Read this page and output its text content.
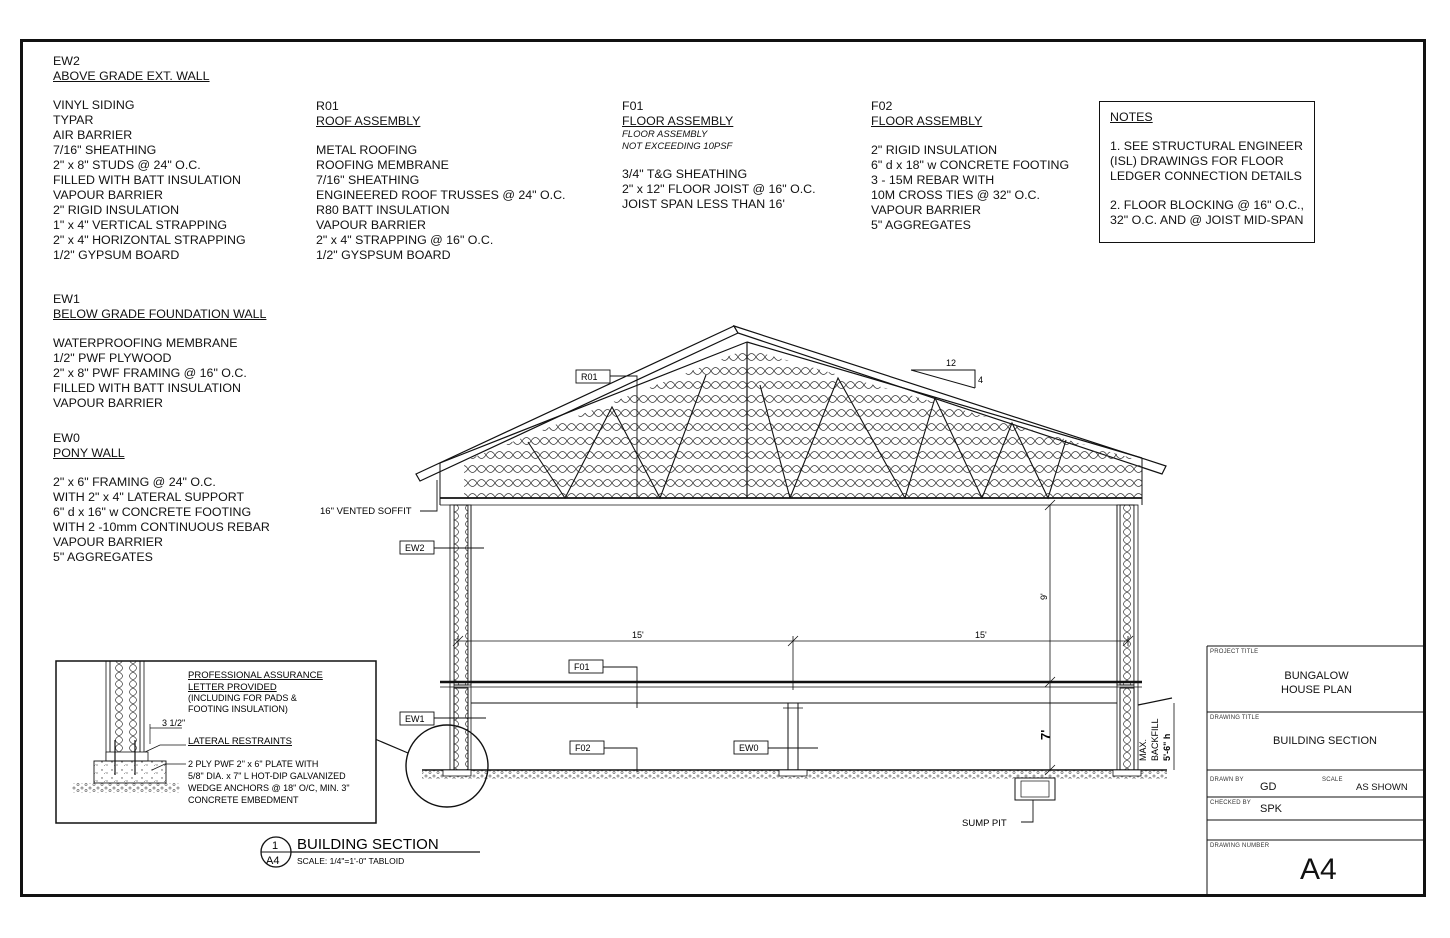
EW2
ABOVE GRADE EXT. WALL
VINYL SIDING
TYPAR
AIR BARRIER
7/16" SHEATHING
2" x 8" STUDS @ 24" O.C.
FILLED WITH BATT INSULATION
VAPOUR BARRIER
2" RIGID INSULATION
1" x 4" VERTICAL STRAPPING
2" x 4" HORIZONTAL STRAPPING
1/2" GYPSUM BOARD
R01
ROOF ASSEMBLY
METAL ROOFING
ROOFING MEMBRANE
7/16" SHEATHING
ENGINEERED ROOF TRUSSES @ 24" O.C.
R80 BATT INSULATION
VAPOUR BARRIER
2" x 4" STRAPPING @ 16" O.C.
1/2" GYSPSUM BOARD
F01
FLOOR ASSEMBLY
FLOOR ASSEMBLY
NOT EXCEEDING 10PSF
3/4" T&G SHEATHING
2" x 12" FLOOR JOIST @ 16" O.C.
JOIST SPAN LESS THAN 16'
F02
FLOOR ASSEMBLY
2" RIGID INSULATION
6" d x 18" w CONCRETE FOOTING
3 - 15M REBAR WITH
10M CROSS TIES @ 32" O.C.
VAPOUR BARRIER
5" AGGREGATES
EW1
BELOW GRADE FOUNDATION WALL
WATERPROOFING MEMBRANE
1/2" PWF PLYWOOD
2" x 8" PWF FRAMING @ 16" O.C.
FILLED WITH BATT INSULATION
VAPOUR BARRIER
EW0
PONY WALL
2" x 6" FRAMING @ 24" O.C.
WITH 2" x 4" LATERAL SUPPORT
6" d x 16" w CONCRETE FOOTING
WITH 2 -10mm CONTINUOUS REBAR
VAPOUR BARRIER
5" AGGREGATES
NOTES

1. SEE STRUCTURAL ENGINEER (ISL) DRAWINGS FOR FLOOR LEDGER CONNECTION DETAILS

2. FLOOR BLOCKING @ 16" O.C., 32" O.C. AND @ JOIST MID-SPAN

12
4
15'	15'
9'
7'
MAX. BACKFILL 5'-6" h
R01
EW2
F01
EW1
F02	EW0
16" VENTED SOFFIT
SUMP PIT
PROFESSIONAL ASSURANCE
LETTER PROVIDED
(INCLUDING FOR PADS &
FOOTING INSULATION)
3 1/2"
LATERAL RESTRAINTS
2 PLY PWF 2" x 6" PLATE WITH
5/8" DIA. x 7" L HOT-DIP GALVANIZED
WEDGE ANCHORS @ 18" O/C, MIN. 3"
CONCRETE EMBEDMENT
1
A4
BUILDING SECTION
SCALE: 1/4"=1'-0" TABLOID
PROJECT TITLE
BUNGALOW
HOUSE PLAN
DRAWING TITLE
BUILDING SECTION
DRAWN BY
GD
SCALE
AS SHOWN
CHECKED BY SPK
DRAWING NUMBER
A4
